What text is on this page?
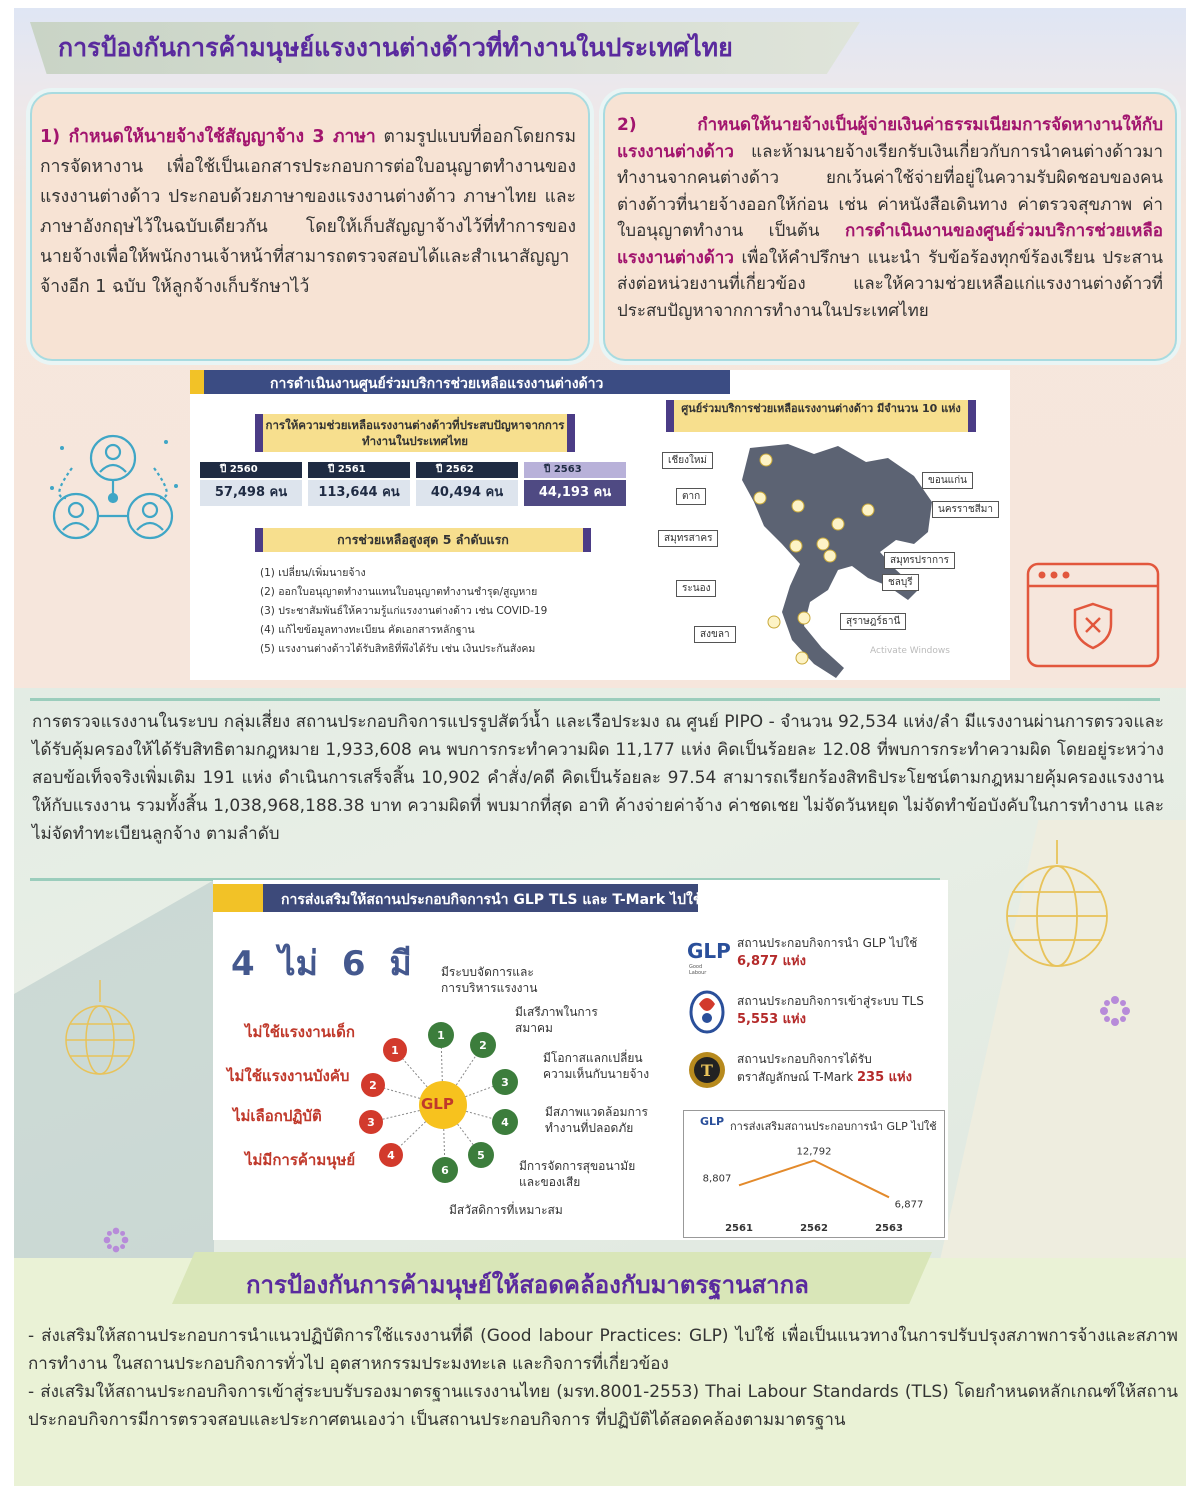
การป้องกันการค้ามนุษย์แรงงานต่างด้าวที่ทำงานในประเทศไทย

1) กำหนดให้นายจ้างใช้สัญญาจ้าง 3 ภาษา ตามรูปแบบที่ออกโดยกรมการจัดหางาน เพื่อใช้เป็นเอกสารประกอบการต่อใบอนุญาตทำงานของแรงงานต่างด้าว ประกอบด้วยภาษาของแรงงานต่างด้าว ภาษาไทย และภาษาอังกฤษไว้ในฉบับเดียวกัน โดยให้เก็บสัญญาจ้างไว้ที่ทำการของนายจ้างเพื่อให้พนักงานเจ้าหน้าที่สามารถตรวจสอบได้และสำเนาสัญญาจ้างอีก 1 ฉบับ ให้ลูกจ้างเก็บรักษาไว้

2) กำหนดให้นายจ้างเป็นผู้จ่ายเงินค่าธรรมเนียมการจัดหางานให้กับแรงงานต่างด้าว และห้ามนายจ้างเรียกรับเงินเกี่ยวกับการนำคนต่างด้าวมาทำงานจากคนต่างด้าว ยกเว้นค่าใช้จ่ายที่อยู่ในความรับผิดชอบของคนต่างด้าวที่นายจ้างออกให้ก่อน เช่น ค่าหนังสือเดินทาง ค่าตรวจสุขภาพ ค่าใบอนุญาตทำงาน เป็นต้น การดำเนินงานของศูนย์ร่วมบริการช่วยเหลือแรงงานต่างด้าว เพื่อให้คำปรึกษา แนะนำ รับข้อร้องทุกข์ร้องเรียน ประสานส่งต่อหน่วยงานที่เกี่ยวข้อง และให้ความช่วยเหลือแก่แรงงานต่างด้าวที่ประสบปัญหาจากการทำงานในประเทศไทย

การดำเนินงานศูนย์ร่วมบริการช่วยเหลือแรงงานต่างด้าว
การให้ความช่วยเหลือแรงงานต่างด้าวที่ประสบปัญหาจากการทำงานในประเทศไทย
ปี 2560
57,498 คน
ปี 2561
113,644 คน
ปี 2562
40,494 คน
ปี 2563
44,193 คน
การช่วยเหลือสูงสุด 5 ลำดับแรก
(1) เปลี่ยน/เพิ่มนายจ้าง
(2) ออกใบอนุญาตทำงานแทนใบอนุญาตทำงานชำรุด/สูญหาย
(3) ประชาสัมพันธ์ให้ความรู้แก่แรงงานต่างด้าว เช่น COVID-19
(4) แก้ไขข้อมูลทางทะเบียน คัดเอกสารหลักฐาน
(5) แรงงานต่างด้าวได้รับสิทธิที่พึงได้รับ เช่น เงินประกันสังคม
ศูนย์ร่วมบริการช่วยเหลือแรงงานต่างด้าว มีจำนวน 10 แห่ง
เชียงใหม่
ตาก
ขอนแก่น
นครราชสีมา
สมุทรสาคร
สมุทรปราการ
ชลบุรี
ระนอง
สุราษฎร์ธานี
สงขลา
Activate Windows
การตรวจแรงงานในระบบ กลุ่มเสี่ยง สถานประกอบกิจการแปรรูปสัตว์น้ำ และเรือประมง ณ ศูนย์ PIPO - จำนวน 92,534 แห่ง/ลำ มีแรงงานผ่านการตรวจและได้รับคุ้มครองให้ได้รับสิทธิตามกฎหมาย 1,933,608 คน พบการกระทำความผิด 11,177 แห่ง คิดเป็นร้อยละ 12.08 ที่พบการกระทำความผิด โดยอยู่ระหว่างสอบข้อเท็จจริงเพิ่มเติม 191 แห่ง ดำเนินการเสร็จสิ้น 10,902 คำสั่ง/คดี คิดเป็นร้อยละ 97.54 สามารถเรียกร้องสิทธิประโยชน์ตามกฎหมายคุ้มครองแรงงานให้กับแรงงาน รวมทั้งสิ้น 1,038,968,188.38 บาท ความผิดที่ พบมากที่สุด อาทิ ค้างจ่ายค่าจ้าง ค่าชดเชย ไม่จัดวันหยุด ไม่จัดทำข้อบังคับในการทำงาน และไม่จัดทำทะเบียนลูกจ้าง ตามลำดับ
การส่งเสริมให้สถานประกอบกิจการนำ GLP TLS และ T-Mark ไปใช้
4 ไม่ 6 มี
ไม่ใช้แรงงานเด็ก
ไม่ใช้แรงงานบังคับ
ไม่เลือกปฏิบัติ
ไม่มีการค้ามนุษย์
1
2
3
4
5
6
1
2
3
4
GLP
มีระบบจัดการและการบริหารแรงงาน
มีเสรีภาพในการสมาคม
มีโอกาสแลกเปลี่ยนความเห็นกับนายจ้าง
มีสภาพแวดล้อมการทำงานที่ปลอดภัย
มีการจัดการสุขอนามัยและของเสีย
มีสวัสดิการที่เหมาะสม
GLP
Good
Labour
สถานประกอบกิจการนำ GLP ไปใช้
6,877 แห่ง
สถานประกอบกิจการเข้าสู่ระบบ TLS
5,553 แห่ง
T
สถานประกอบกิจการได้รับ
ตราสัญลักษณ์ T-Mark 235 แห่ง
GLP การส่งเสริมสถานประกอบการนำ GLP ไปใช้
8,807
2561
12,792
2562
6,877
2563
การป้องกันการค้ามนุษย์ให้สอดคล้องกับมาตรฐานสากล
- ส่งเสริมให้สถานประกอบการนำแนวปฏิบัติการใช้แรงงานที่ดี (Good labour Practices: GLP) ไปใช้ เพื่อเป็นแนวทางในการปรับปรุงสภาพการจ้างและสภาพการทำงาน ในสถานประกอบกิจการทั่วไป อุตสาหกรรมประมงทะเล และกิจการที่เกี่ยวข้อง
- ส่งเสริมให้สถานประกอบกิจการเข้าสู่ระบบรับรองมาตรฐานแรงงานไทย (มรท.8001-2553) Thai Labour Standards (TLS) โดยกำหนดหลักเกณฑ์ให้สถานประกอบกิจการมีการตรวจสอบและประกาศตนเองว่า เป็นสถานประกอบกิจการ ที่ปฏิบัติได้สอดคล้องตามมาตรฐาน
